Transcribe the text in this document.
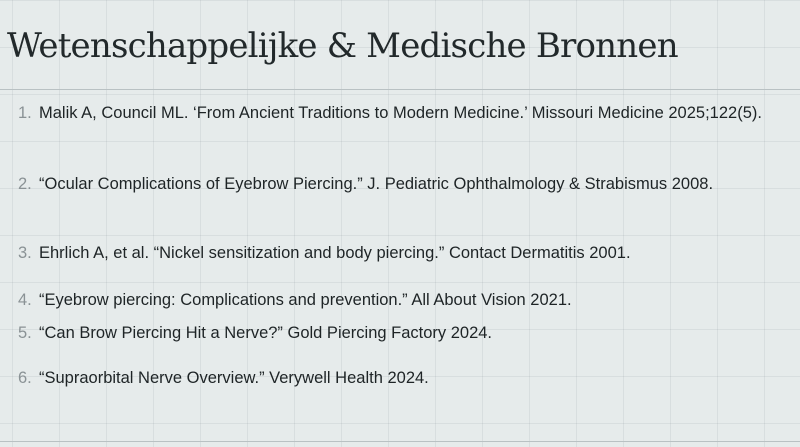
Wetenschappelijke & Medische Bronnen
1. Malik A, Council ML. ‘From Ancient Traditions to Modern Medicine.’ Missouri Medicine 2025;122(5).
2. “Ocular Complications of Eyebrow Piercing.” J. Pediatric Ophthalmology & Strabismus 2008.
3. Ehrlich A, et al. “Nickel sensitization and body piercing.” Contact Dermatitis 2001.
4. “Eyebrow piercing: Complications and prevention.” All About Vision 2021.
5. “Can Brow Piercing Hit a Nerve?” Gold Piercing Factory 2024.
6. “Supraorbital Nerve Overview.” Verywell Health 2024.
